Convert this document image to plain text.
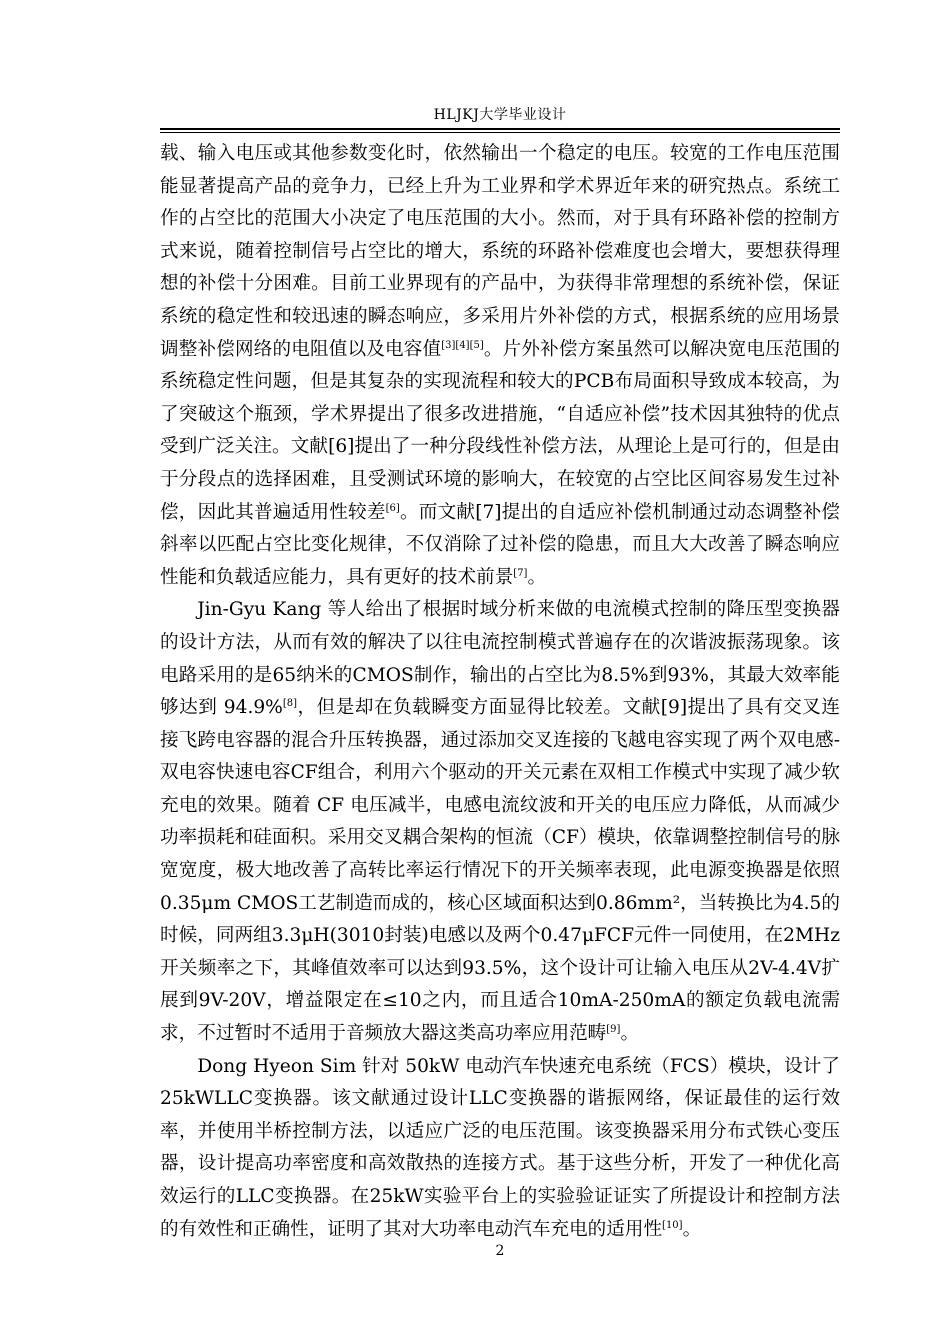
HLJKJ大学毕业设计

载、输入电压或其他参数变化时，依然输出一个稳定的电压。较宽的工作电压范围能显著提高产品的竞争力，已经上升为工业界和学术界近年来的研究热点。系统工作的占空比的范围大小决定了电压范围的大小。然而，对于具有环路补偿的控制方式来说，随着控制信号占空比的增大，系统的环路补偿难度也会增大，要想获得理想的补偿十分困难。目前工业界现有的产品中，为获得非常理想的系统补偿，保证系统的稳定性和较迅速的瞬态响应，多采用片外补偿的方式，根据系统的应用场景调整补偿网络的电阻值以及电容值[3][4][5]。片外补偿方案虽然可以解决宽电压范围的系统稳定性问题，但是其复杂的实现流程和较大的PCB布局面积导致成本较高，为了突破这个瓶颈，学术界提出了很多改进措施，“自适应补偿”技术因其独特的优点受到广泛关注。文献[6]提出了一种分段线性补偿方法，从理论上是可行的，但是由于分段点的选择困难，且受测试环境的影响大，在较宽的占空比区间容易发生过补偿，因此其普遍适用性较差[6]。而文献[7]提出的自适应补偿机制通过动态调整补偿斜率以匹配占空比变化规律，不仅消除了过补偿的隐患，而且大大改善了瞬态响应性能和负载适应能力，具有更好的技术前景[7]。

Jin-Gyu Kang 等人给出了根据时域分析来做的电流模式控制的降压型变换器的设计方法，从而有效的解决了以往电流控制模式普遍存在的次谐波振荡现象。该电路采用的是65纳米的CMOS制作，输出的占空比为8.5%到93%，其最大效率能够达到 94.9%[8]，但是却在负载瞬变方面显得比较差。文献[9]提出了具有交叉连接飞跨电容器的混合升压转换器，通过添加交叉连接的飞越电容实现了两个双电感-双电容快速电容CF组合，利用六个驱动的开关元素在双相工作模式中实现了减少软充电的效果。随着 CF 电压减半，电感电流纹波和开关的电压应力降低，从而减少功率损耗和硅面积。采用交叉耦合架构的恒流（CF）模块，依靠调整控制信号的脉宽宽度，极大地改善了高转比率运行情况下的开关频率表现，此电源变换器是依照0.35μm CMOS工艺制造而成的，核心区域面积达到0.86mm²，当转换比为4.5的时候，同两组3.3μH(3010封装)电感以及两个0.47μFCF元件一同使用，在2MHz开关频率之下，其峰值效率可以达到93.5%，这个设计可让输入电压从2V-4.4V扩展到9V-20V，增益限定在≤10之内，而且适合10mA-250mA的额定负载电流需求，不过暂时不适用于音频放大器这类高功率应用范畴[9]。

Dong Hyeon Sim 针对 50kW 电动汽车快速充电系统（FCS）模块，设计了25kWLLC变换器。该文献通过设计LLC变换器的谐振网络，保证最佳的运行效率，并使用半桥控制方法，以适应广泛的电压范围。该变换器采用分布式铁心变压器，设计提高功率密度和高效散热的连接方式。基于这些分析，开发了一种优化高效运行的LLC变换器。在25kW实验平台上的实验验证证实了所提设计和控制方法的有效性和正确性，证明了其对大功率电动汽车充电的适用性[10]。

2
